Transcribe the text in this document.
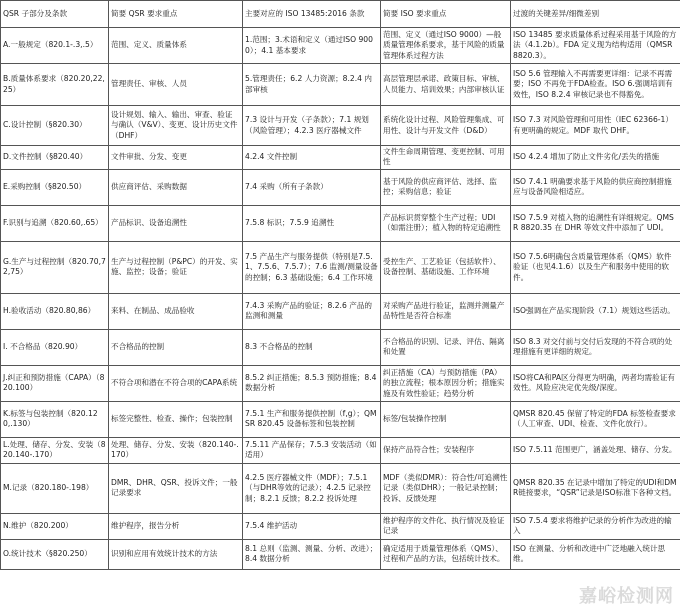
QSR 子部分及条款	简要 QSR 要求重点	主要对应的 ISO 13485:2016 条款	简要 ISO 要求重点	过渡的关键差异/细微差别
A.一般规定（820.1-.3,.5）	范围、定义、质量体系	1.范围；3.术语和定义（通过ISO 9000）；4.1 基本要求	范围、定义（通过ISO 9000）—般质量管理体系要求，基于风险的质量管理体系过程方法	ISO 13485 要求质量体系过程采用基于风险的方法（4.1.2b）。FDA 定义现为结构适用（QMSR 8820.3）。
B.质量体系要求（820.20,22,25）	管理责任、审核、人员	5.管理责任；6.2 人力资源；8.2.4 内部审核	高层管理层承诺、政策目标、审核、人员能力、培训效果；内部审核认证	ISO 5.6 管理输入不再需要更详细：记录不再需要；ISO 不再免于FDA检查。ISO 6.强调培训有效性，ISO 8.2.4 审核记录也不得豁免。
C.设计控制（§820.30）	设计规划、输入、输出、审查、验证与确认（V&V）、变更、设计历史文件（DHF）	7.3 设计与开发（子条款）；7.1 规划（风险管理）；4.2.3 医疗器械文件	系统化设计过程、风险管理集成、可用性、设计与开发文件（D&D）	ISO 7.3 对风险管理和可用性（IEC 62366-1）有更明确的规定。MDF 取代 DHF。
D.文件控制（§820.40）	文件审批、分发、变更	4.2.4 文件控制	文件生命周期管理、变更控制、可用性	ISO 4.2.4 增加了防止文件劣化/丢失的措施
E.采购控制（§820.50）	供应商评估、采购数据	7.4 采购（所有子条款）	基于风险的供应商评估、选择、监控；采购信息；验证	ISO 7.4.1 明确要求基于风险的供应商控制措施应与设备风险相适应。
F.识别与追溯（820.60,.65）	产品标识、设备追溯性	7.5.8 标识；7.5.9 追溯性	产品标识贯穿整个生产过程；UDI（如需注册）；植入物的特定追溯性	ISO 7.5.9 对植入物的追溯性有详细规定。QMSR 8820.35 在 DHR 等效文件中添加了 UDI。
G.生产与过程控制（820.70,72,75）	生产与过程控制（P&PC）的开发、实施、监控；设备；验证	7.5 产品生产与服务提供（特别是7.5.1、7.5.6、7.5.7）；7.6 监测/测量设备的控制；6.3 基础设施；6.4 工作环境	受控生产、工艺验证（包括软件）、设备控制、基础设施、工作环境	ISO 7.5.6明确包含质量管理体系（QMS）软件验证（也见4.1.6）以及生产和服务中使用的软件。
H.验收活动（820.80,86）	来料、在制品、成品验收	7.4.3 采购产品的验证；8.2.6 产品的监测和测量	对采购产品进行验证，监测并测量产品特性是否符合标准	ISO强调在产品实现阶段（7.1）规划这些活动。
I. 不合格品（820.90）	不合格品的控制	8.3 不合格品的控制	不合格品的识别、记录、评估、隔离和处置	ISO 8.3 对交付前与交付后发现的不符合项的处理措施有更详细的规定。
J.纠正和预防措施（CAPA）（820.100）	不符合项和潜在不符合项的CAPA系统	8.5.2 纠正措施；8.5.3 预防措施；8.4 数据分析	纠正措施（CA）与预防措施（PA）的独立流程；根本原因分析；措施实施及有效性验证；趋势分析	ISO将CA和PA区分得更为明确，两者均需验证有效性。风险应决定优先级/深度。
K.标签与包装控制（820.120,.130）	标签完整性、检查、操作；包装控制	7.5.1 生产和服务提供控制（f,g）；QMSR 820.45 设备标签和包装控制	标签/包装操作控制	QMSR 820.45 保留了特定的FDA 标签检查要求（人工审查、UDI、检查、文件化放行）。
L.处理、储存、分发、安装（820.140-.170）	处理、储存、分发、安装（820.140-.170）	7.5.11 产品保存；7.5.3 安装活动（如适用）	保持产品符合性；安装程序	ISO 7.5.11 范围更广，涵盖处理、储存、分发。
M.记录（820.180-.198）	DMR、DHR、QSR、投诉文件；一般记录要求	4.2.5 医疗器械文件（MDF）；7.5.1（与DHR等效的记录）；4.2.5 记录控制；8.2.1 反馈；8.2.2 投诉处理	MDF（类似DMR）：符合性/可追溯性记录（类似DHR）；一般记录控制；投诉、反馈处理	QMSR 820.35 在记录中增加了特定的UDI和DMR链接要求，“QSR”记录是ISO标准下各种文档。
N.维护（820.200）	维护程序，报告分析	7.5.4 维护活动	维护程序的文件化、执行情况及验证记录	ISO 7.5.4 要求将维护记录的分析作为改进的输入
O.统计技术（§820.250）	识别和应用有效统计技术的方法	8.1 总则（监测、测量、分析、改进）；8.4 数据分析	确定适用于质量管理体系（QMS）、过程和产品的方法，包括统计技术。	ISO 在测量、分析和改进中广泛地融入统计思维。
嘉峪检测网
